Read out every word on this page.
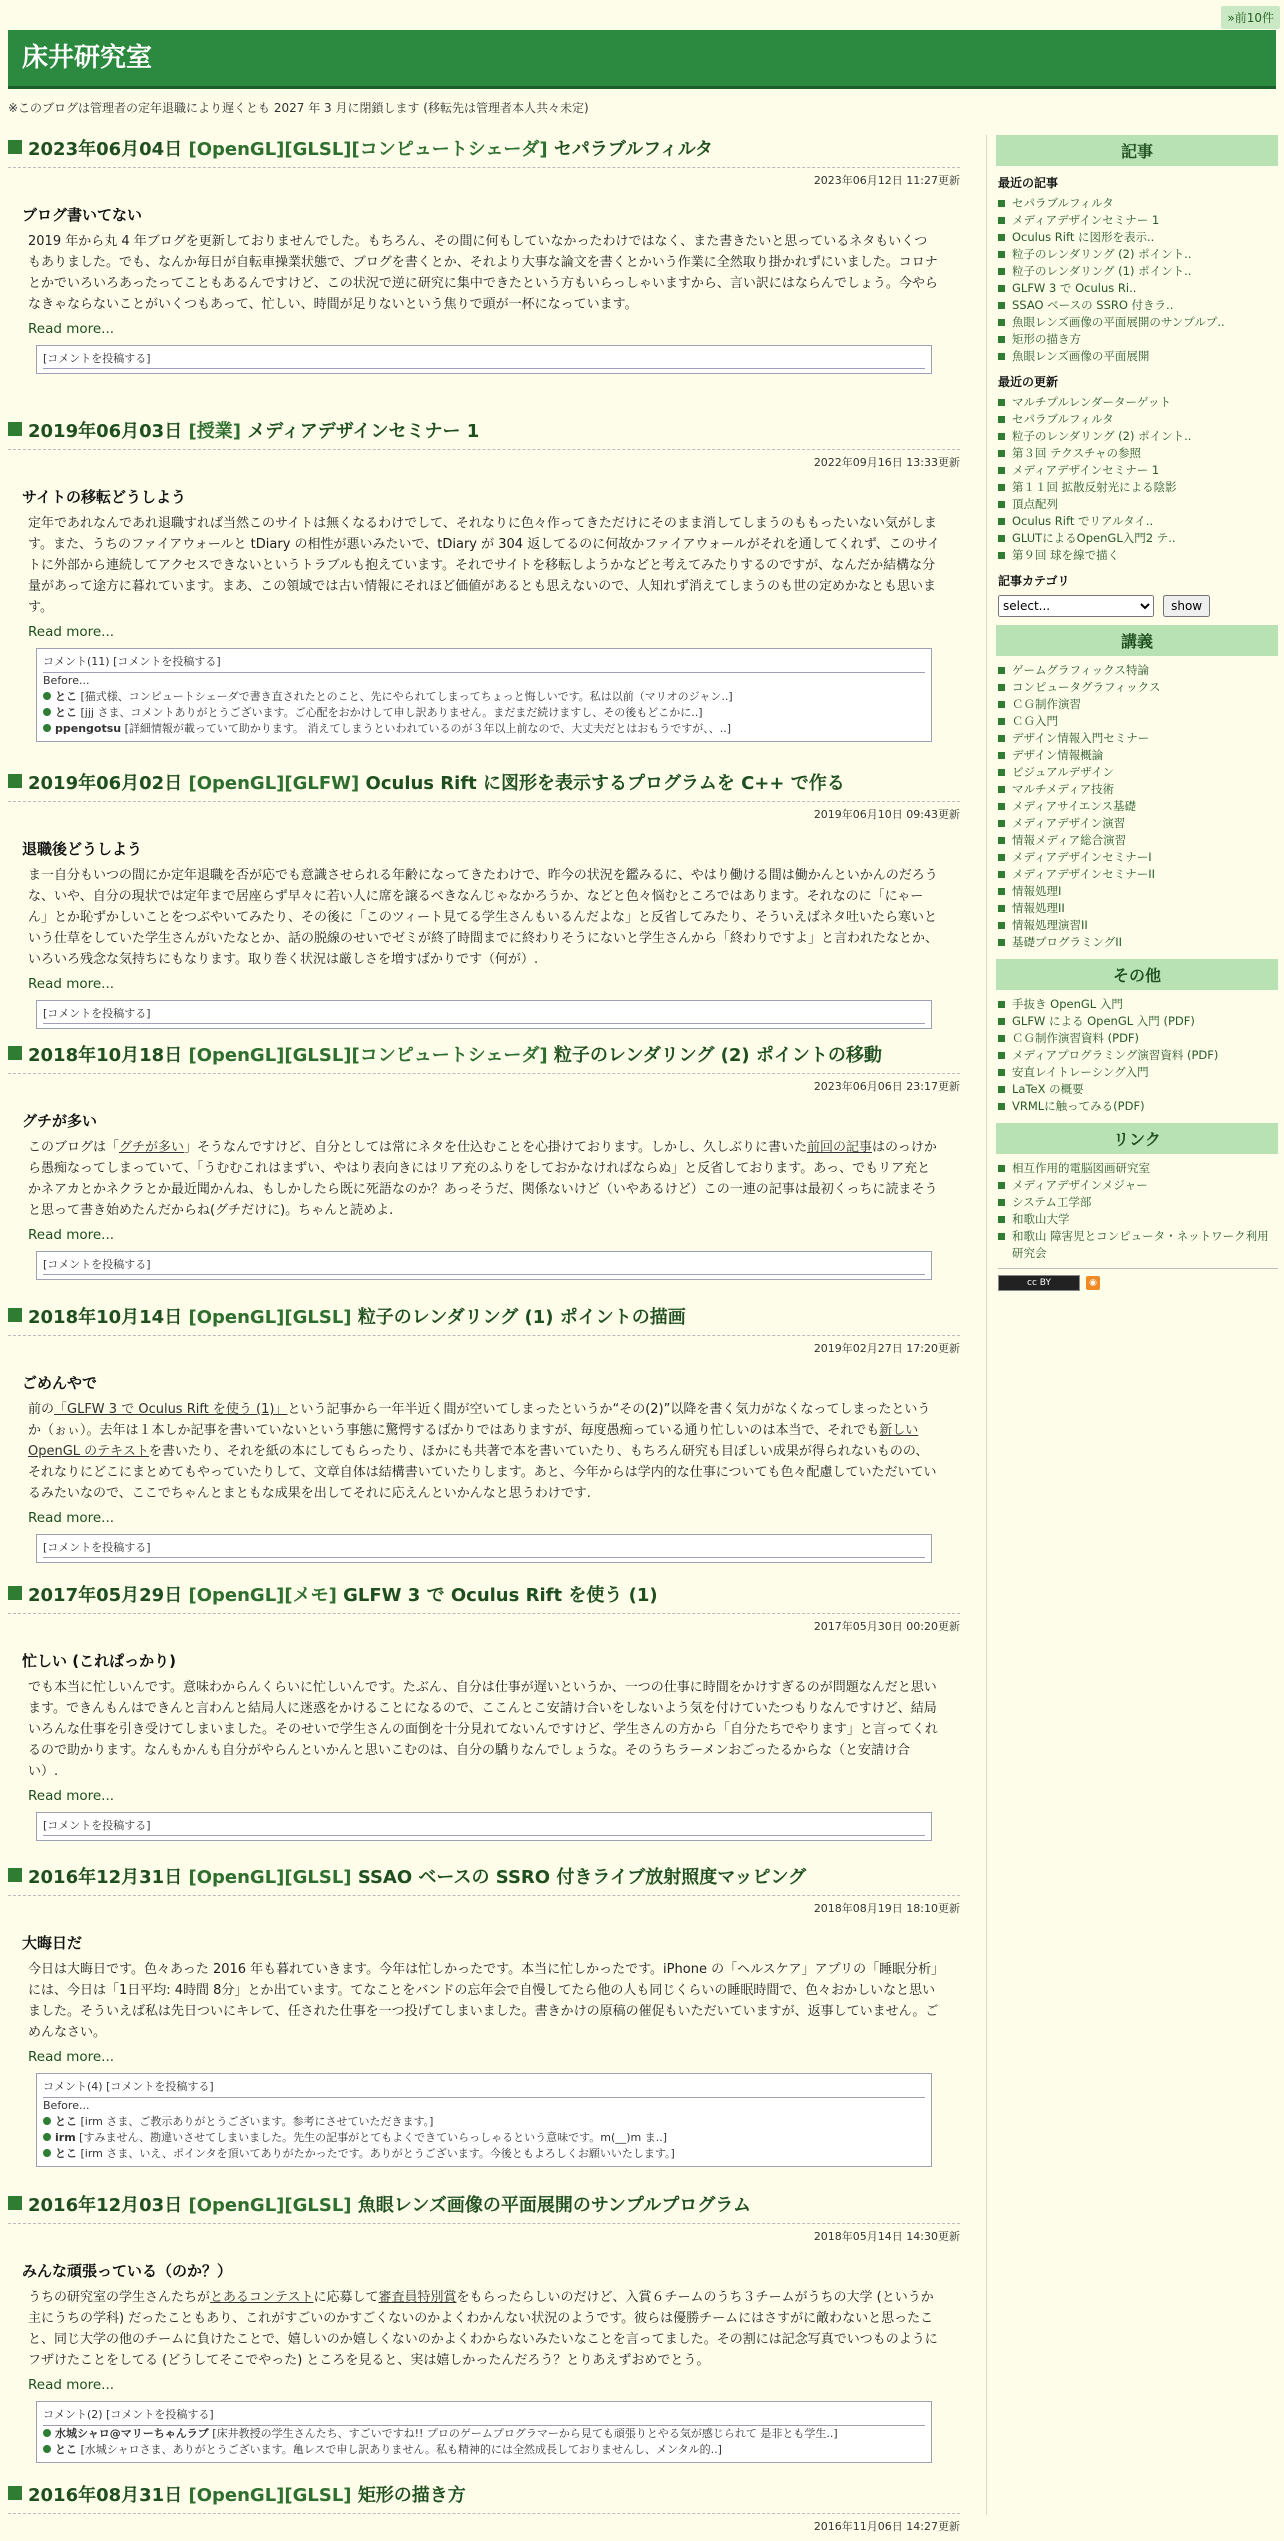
»前10件
床井研究室
※このブログは管理者の定年退職により遅くとも 2027 年 3 月に閉鎖します (移転先は管理者本人共々未定)
2023年06月04日 [OpenGL][GLSL][コンピュートシェーダ] セパラブルフィルタ
2023年06月12日 11:27更新
ブログ書いてない
2019 年から丸 4 年ブログを更新しておりませんでした。もちろん、その間に何もしていなかったわけではなく、また書きたいと思っているネタもいくつもありました。でも、なんか毎日が自転車操業状態で、ブログを書くとか、それより大事な論文を書くとかいう作業に全然取り掛かれずにいました。コロナとかでいろいろあったってこともあるんですけど、この状況で逆に研究に集中できたという方もいらっしゃいますから、言い訳にはならんでしょう。今やらなきゃならないことがいくつもあって、忙しい、時間が足りないという焦りで頭が一杯になっています。
Read more...
[コメントを投稿する]
2019年06月03日 [授業] メディアデザインセミナー 1
2022年09月16日 13:33更新
サイトの移転どうしよう
定年であれなんであれ退職すれば当然このサイトは無くなるわけでして、それなりに色々作ってきただけにそのまま消してしまうのももったいない気がします。また、うちのファイアウォールと tDiary の相性が悪いみたいで、tDiary が 304 返してるのに何故かファイアウォールがそれを通してくれず、このサイトに外部から連続してアクセスできないというトラブルも抱えています。それでサイトを移転しようかなどと考えてみたりするのですが、なんだか結構な分量があって途方に暮れています。まあ、この領域では古い情報にそれほど価値があるとも思えないので、人知れず消えてしまうのも世の定めかなとも思います。
Read more...
コメント(11) [コメントを投稿する]
Before...
とこ [猫式様、コンピュートシェーダで書き直されたとのこと、先にやられてしまってちょっと悔しいです。私は以前（マリオのジャン..]
とこ [jjj さま、コメントありがとうございます。ご心配をおかけして申し訳ありません。まだまだ続けますし、その後もどこかに..]
ppengotsu [詳細情報が載っていて助かります。 消えてしまうといわれているのが３年以上前なので、大丈夫だとはおもうですが、、..]
2019年06月02日 [OpenGL][GLFW] Oculus Rift に図形を表示するプログラムを C++ で作る
2019年06月10日 09:43更新
退職後どうしよう
ま一自分もいつの間にか定年退職を否が応でも意識させられる年齢になってきたわけで、昨今の状況を鑑みるに、やはり働ける間は働かんといかんのだろうな、いや、自分の現状では定年まで居座らず早々に若い人に席を譲るべきなんじゃなかろうか、などと色々悩むところではあります。それなのに「にゃーん」とか恥ずかしいことをつぶやいてみたり、その後に「このツィート見てる学生さんもいるんだよな」と反省してみたり、そういえばネタ吐いたら寒いという仕草をしていた学生さんがいたなとか、話の脱線のせいでゼミが終了時間までに終わりそうにないと学生さんから「終わりですよ」と言われたなとか、いろいろ残念な気持ちにもなります。取り巻く状況は厳しさを増すばかりです（何が）.
Read more...
[コメントを投稿する]
2018年10月18日 [OpenGL][GLSL][コンピュートシェーダ] 粒子のレンダリング (2) ポイントの移動
2023年06月06日 23:17更新
グチが多い
このブログは「グチが多い」そうなんですけど、自分としては常にネタを仕込むことを心掛けております。しかし、久しぶりに書いた前回の記事はのっけから愚痴なってしまっていて、「うむむこれはまずい、やはり表向きにはリア充のふりをしておかなければならぬ」と反省しております。あっ、でもリア充とかネアカとかネクラとか最近聞かんね、もしかしたら既に死語なのか？あっそうだ、関係ないけど（いやあるけど）この一連の記事は最初くっちに読まそうと思って書き始めたんだからね(グチだけに)。ちゃんと読めよ.
Read more...
[コメントを投稿する]
2018年10月14日 [OpenGL][GLSL] 粒子のレンダリング (1) ポイントの描画
2019年02月27日 17:20更新
ごめんやで
前の「GLFW 3 で Oculus Rift を使う (1)」という記事から一年半近く間が空いてしまったというか“その(2)”以降を書く気力がなくなってしまったというか（ぉぃ）。去年は１本しか記事を書いていないという事態に驚愕するばかりではありますが、毎度愚痴っている通り忙しいのは本当で、それでも新しい OpenGL のテキストを書いたり、それを紙の本にしてもらったり、ほかにも共著で本を書いていたり、もちろん研究も目ぼしい成果が得られないものの、それなりにどこにまとめてもやっていたりして、文章自体は結構書いていたりします。あと、今年からは学内的な仕事についても色々配慮していただいているみたいなので、ここでちゃんとまともな成果を出してそれに応えんといかんなと思うわけです.
Read more...
[コメントを投稿する]
2017年05月29日 [OpenGL][メモ] GLFW 3 で Oculus Rift を使う (1)
2017年05月30日 00:20更新
忙しい (これぱっかり)
でも本当に忙しいんです。意味わからんくらいに忙しいんです。たぶん、自分は仕事が遅いというか、一つの仕事に時間をかけすぎるのが問題なんだと思います。できんもんはできんと言わんと結局人に迷惑をかけることになるので、ここんとこ安請け合いをしないよう気を付けていたつもりなんですけど、結局いろんな仕事を引き受けてしまいました。そのせいで学生さんの面倒を十分見れてないんですけど、学生さんの方から「自分たちでやります」と言ってくれるので助かります。なんもかんも自分がやらんといかんと思いこむのは、自分の驕りなんでしょうな。そのうちラーメンおごったるからな（と安請け合い）.
Read more...
[コメントを投稿する]
2016年12月31日 [OpenGL][GLSL] SSAO ベースの SSRO 付きライブ放射照度マッピング
2018年08月19日 18:10更新
大晦日だ
今日は大晦日です。色々あった 2016 年も暮れていきます。今年は忙しかったです。本当に忙しかったです。iPhone の「ヘルスケア」アプリの「睡眠分析」には、今日は「1日平均: 4時間 8分」とか出ています。てなことをバンドの忘年会で自慢してたら他の人も同じくらいの睡眠時間で、色々おかしいなと思いました。そういえば私は先日ついにキレて、任された仕事を一つ投げてしまいました。書きかけの原稿の催促もいただいていますが、返事していません。ごめんなさい。
Read more...
コメント(4) [コメントを投稿する]
Before...
とこ [irm さま、ご教示ありがとうございます。参考にさせていただきます。]
irm [すみません、勘違いさせてしまいました。先生の記事がとてもよくできていらっしゃるという意味です。m(__)m ま..]
とこ [irm さま、いえ、ポインタを頂いてありがたかったです。ありがとうございます。今後ともよろしくお願いいたします。]
2016年12月03日 [OpenGL][GLSL] 魚眼レンズ画像の平面展開のサンプルプログラム
2018年05月14日 14:30更新
みんな頑張っている（のか？）
うちの研究室の学生さんたちがとあるコンテストに応募して審査員特別賞をもらったらしいのだけど、入賞６チームのうち３チームがうちの大学 (というか主にうちの学科) だったこともあり、これがすごいのかすごくないのかよくわかんない状況のようです。彼らは優勝チームにはさすがに敵わないと思ったこと、同じ大学の他のチームに負けたことで、嬉しいのか嬉しくないのかよくわからないみたいなことを言ってました。その割には記念写真でいつものようにフザけたことをしてる (どうしてそこでやった) ところを見ると、実は嬉しかったんだろう？とりあえずおめでとう。
Read more...
コメント(2) [コメントを投稿する]
水城シャロ@マリーちゃんラブ [床井教授の学生さんたち、すごいですね!! プロのゲームプログラマーから見ても頑張りとやる気が感じられて 是非とも学生..]
とこ [水城シャロさま、ありがとうございます。亀レスで申し訳ありません。私も精神的には全然成長しておりませんし、メンタル的..]
2016年08月31日 [OpenGL][GLSL] 矩形の描き方
2016年11月06日 14:27更新
記事
最近の記事
セパラブルフィルタ
メディアデザインセミナー 1
Oculus Rift に図形を表示..
粒子のレンダリング (2) ポイント..
粒子のレンダリング (1) ポイント..
GLFW 3 で Oculus Ri..
SSAO ベースの SSRO 付きラ..
魚眼レンズ画像の平面展開のサンプルプ..
矩形の描き方
魚眼レンズ画像の平面展開
最近の更新
マルチプルレンダーターゲット
セパラブルフィルタ
粒子のレンダリング (2) ポイント..
第３回 テクスチャの参照
メディアデザインセミナー 1
第１１回 拡散反射光による陰影
頂点配列
Oculus Rift でリアルタイ..
GLUTによるOpenGL入門2 テ..
第９回 球を線で描く
記事カテゴリ
select... show
講義
ゲームグラフィックス特論
コンピュータグラフィックス
ＣＧ制作演習
ＣＧ入門
デザイン情報入門セミナー
デザイン情報概論
ビジュアルデザイン
マルチメディア技術
メディアサイエンス基礎
メディアデザイン演習
情報メディア総合演習
メディアデザインセミナーI
メディアデザインセミナーII
情報処理I
情報処理II
情報処理演習II
基礎プログラミングII
その他
手抜き OpenGL 入門
GLFW による OpenGL 入門 (PDF)
ＣＧ制作演習資料 (PDF)
メディアプログラミング演習資料 (PDF)
安直レイトレーシング入門
LaTeX の概要
VRMLに触ってみる(PDF)
リンク
相互作用的電脳図画研究室
メディアデザインメジャー
システム工学部
和歌山大学
和歌山 障害児とコンピュータ・ネットワーク利用研究会
cc BY	◉
